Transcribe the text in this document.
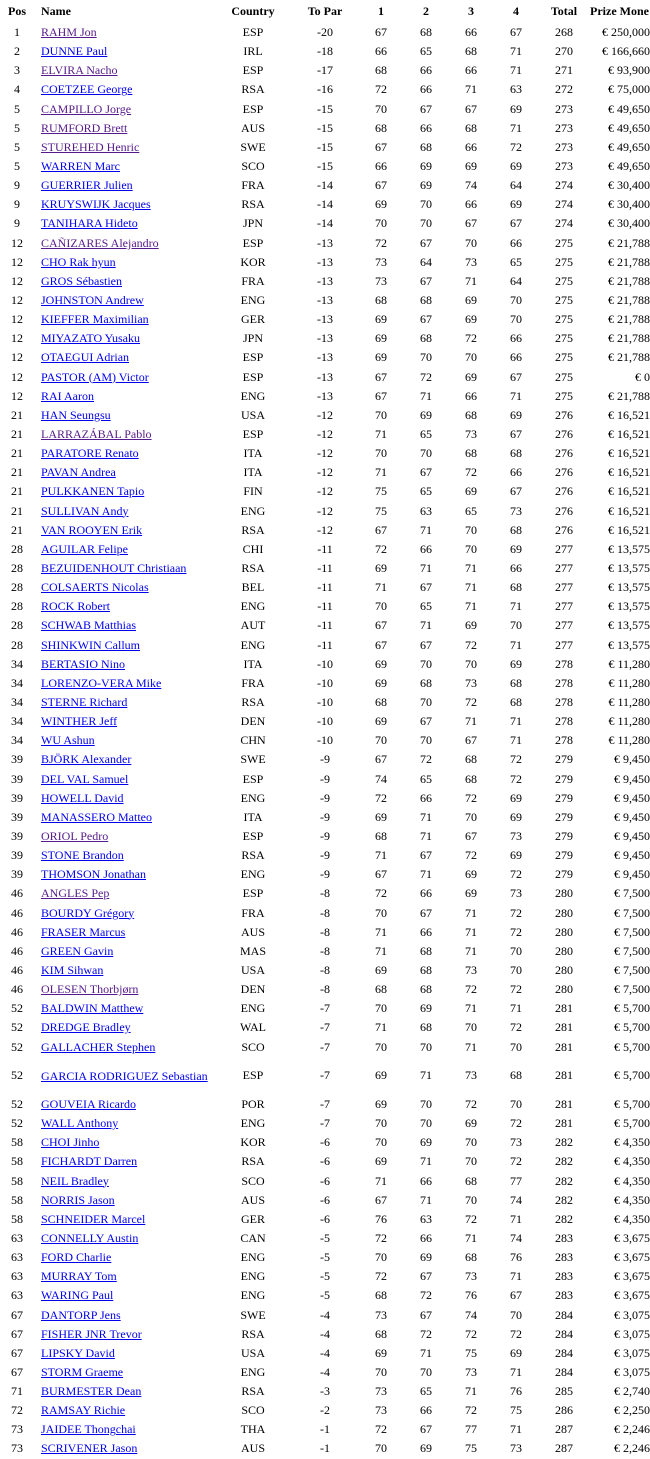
Pos	Name	Country	To Par	1	2	3	4	Total	Prize Mone
1	RAHM Jon	ESP	-20	67	68	66	67	268	€ 250,000
2	DUNNE Paul	IRL	-18	66	65	68	71	270	€ 166,660
3	ELVIRA Nacho	ESP	-17	68	66	66	71	271	€ 93,900
4	COETZEE George	RSA	-16	72	66	71	63	272	€ 75,000
5	CAMPILLO Jorge	ESP	-15	70	67	67	69	273	€ 49,650
5	RUMFORD Brett	AUS	-15	68	66	68	71	273	€ 49,650
5	STUREHED Henric	SWE	-15	67	68	66	72	273	€ 49,650
5	WARREN Marc	SCO	-15	66	69	69	69	273	€ 49,650
9	GUERRIER Julien	FRA	-14	67	69	74	64	274	€ 30,400
9	KRUYSWIJK Jacques	RSA	-14	69	70	66	69	274	€ 30,400
9	TANIHARA Hideto	JPN	-14	70	70	67	67	274	€ 30,400
12	CAÑIZARES Alejandro	ESP	-13	72	67	70	66	275	€ 21,788
12	CHO Rak hyun	KOR	-13	73	64	73	65	275	€ 21,788
12	GROS Sébastien	FRA	-13	73	67	71	64	275	€ 21,788
12	JOHNSTON Andrew	ENG	-13	68	68	69	70	275	€ 21,788
12	KIEFFER Maximilian	GER	-13	69	67	69	70	275	€ 21,788
12	MIYAZATO Yusaku	JPN	-13	69	68	72	66	275	€ 21,788
12	OTAEGUI Adrian	ESP	-13	69	70	70	66	275	€ 21,788
12	PASTOR (AM) Victor	ESP	-13	67	72	69	67	275	€ 0
12	RAI Aaron	ENG	-13	67	71	66	71	275	€ 21,788
21	HAN Seungsu	USA	-12	70	69	68	69	276	€ 16,521
21	LARRAZÁBAL Pablo	ESP	-12	71	65	73	67	276	€ 16,521
21	PARATORE Renato	ITA	-12	70	70	68	68	276	€ 16,521
21	PAVAN Andrea	ITA	-12	71	67	72	66	276	€ 16,521
21	PULKKANEN Tapio	FIN	-12	75	65	69	67	276	€ 16,521
21	SULLIVAN Andy	ENG	-12	75	63	65	73	276	€ 16,521
21	VAN ROOYEN Erik	RSA	-12	67	71	70	68	276	€ 16,521
28	AGUILAR Felipe	CHI	-11	72	66	70	69	277	€ 13,575
28	BEZUIDENHOUT Christiaan	RSA	-11	69	71	71	66	277	€ 13,575
28	COLSAERTS Nicolas	BEL	-11	71	67	71	68	277	€ 13,575
28	ROCK Robert	ENG	-11	70	65	71	71	277	€ 13,575
28	SCHWAB Matthias	AUT	-11	67	71	69	70	277	€ 13,575
28	SHINKWIN Callum	ENG	-11	67	67	72	71	277	€ 13,575
34	BERTASIO Nino	ITA	-10	69	70	70	69	278	€ 11,280
34	LORENZO-VERA Mike	FRA	-10	69	68	73	68	278	€ 11,280
34	STERNE Richard	RSA	-10	68	70	72	68	278	€ 11,280
34	WINTHER Jeff	DEN	-10	69	67	71	71	278	€ 11,280
34	WU Ashun	CHN	-10	70	70	67	71	278	€ 11,280
39	BJÖRK Alexander	SWE	-9	67	72	68	72	279	€ 9,450
39	DEL VAL Samuel	ESP	-9	74	65	68	72	279	€ 9,450
39	HOWELL David	ENG	-9	72	66	72	69	279	€ 9,450
39	MANASSERO Matteo	ITA	-9	69	71	70	69	279	€ 9,450
39	ORIOL Pedro	ESP	-9	68	71	67	73	279	€ 9,450
39	STONE Brandon	RSA	-9	71	67	72	69	279	€ 9,450
39	THOMSON Jonathan	ENG	-9	67	71	69	72	279	€ 9,450
46	ANGLES Pep	ESP	-8	72	66	69	73	280	€ 7,500
46	BOURDY Grégory	FRA	-8	70	67	71	72	280	€ 7,500
46	FRASER Marcus	AUS	-8	71	66	71	72	280	€ 7,500
46	GREEN Gavin	MAS	-8	71	68	71	70	280	€ 7,500
46	KIM Sihwan	USA	-8	69	68	73	70	280	€ 7,500
46	OLESEN Thorbjørn	DEN	-8	68	68	72	72	280	€ 7,500
52	BALDWIN Matthew	ENG	-7	70	69	71	71	281	€ 5,700
52	DREDGE Bradley	WAL	-7	71	68	70	72	281	€ 5,700
52	GALLACHER Stephen	SCO	-7	70	70	71	70	281	€ 5,700
52	GARCIA RODRIGUEZ Sebastian	ESP	-7	69	71	73	68	281	€ 5,700
52	GOUVEIA Ricardo	POR	-7	69	70	72	70	281	€ 5,700
52	WALL Anthony	ENG	-7	70	70	69	72	281	€ 5,700
58	CHOI Jinho	KOR	-6	70	69	70	73	282	€ 4,350
58	FICHARDT Darren	RSA	-6	69	71	70	72	282	€ 4,350
58	NEIL Bradley	SCO	-6	71	66	68	77	282	€ 4,350
58	NORRIS Jason	AUS	-6	67	71	70	74	282	€ 4,350
58	SCHNEIDER Marcel	GER	-6	76	63	72	71	282	€ 4,350
63	CONNELLY Austin	CAN	-5	72	66	71	74	283	€ 3,675
63	FORD Charlie	ENG	-5	70	69	68	76	283	€ 3,675
63	MURRAY Tom	ENG	-5	72	67	73	71	283	€ 3,675
63	WARING Paul	ENG	-5	68	72	76	67	283	€ 3,675
67	DANTORP Jens	SWE	-4	73	67	74	70	284	€ 3,075
67	FISHER JNR Trevor	RSA	-4	68	72	72	72	284	€ 3,075
67	LIPSKY David	USA	-4	69	71	75	69	284	€ 3,075
67	STORM Graeme	ENG	-4	70	70	73	71	284	€ 3,075
71	BURMESTER Dean	RSA	-3	73	65	71	76	285	€ 2,740
72	RAMSAY Richie	SCO	-2	73	66	72	75	286	€ 2,250
73	JAIDEE Thongchai	THA	-1	72	67	77	71	287	€ 2,246
73	SCRIVENER Jason	AUS	-1	70	69	75	73	287	€ 2,246
